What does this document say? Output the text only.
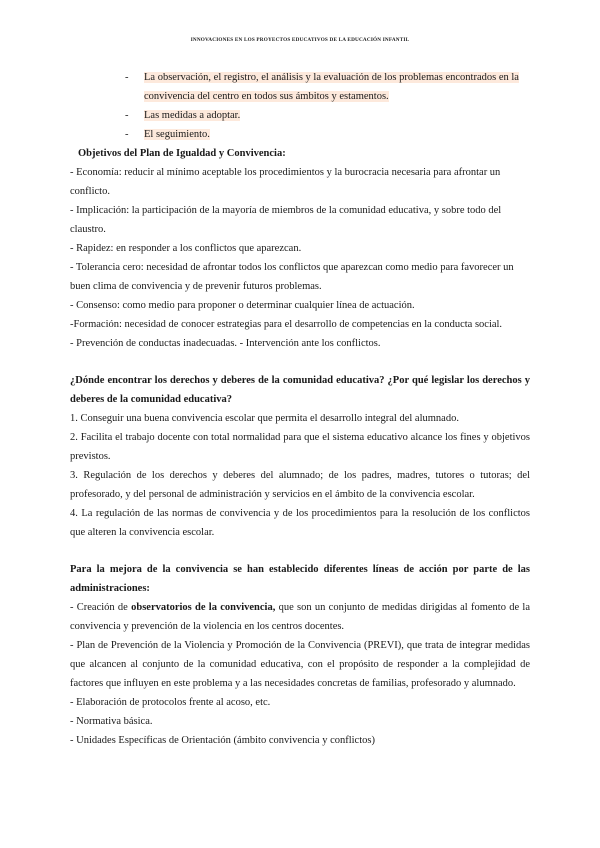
INNOVACIONES EN LOS PROYECTOS EDUCATIVOS DE LA EDUCACIÓN INFANTIL
- La observación, el registro, el análisis y la evaluación de los problemas encontrados en la convivencia del centro en todos sus ámbitos y estamentos.
- Las medidas a adoptar.
- El seguimiento.

Objetivos del Plan de Igualdad y Convivencia:

- Economía: reducir al mínimo aceptable los procedimientos y la burocracia necesaria para afrontar un conflicto.

- Implicación: la participación de la mayoría de miembros de la comunidad educativa, y sobre todo del claustro.

- Rapidez: en responder a los conflictos que aparezcan.

- Tolerancia cero: necesidad de afrontar todos los conflictos que aparezcan como medio para favorecer un buen clima de convivencia y de prevenir futuros problemas.

- Consenso: como medio para proponer o determinar cualquier línea de actuación.

-Formación: necesidad de conocer estrategias para el desarrollo de competencias en la conducta social.

- Prevención de conductas inadecuadas. - Intervención ante los conflictos.

¿Dónde encontrar los derechos y deberes de la comunidad educativa? ¿Por qué legislar los derechos y deberes de la comunidad educativa?

1. Conseguir una buena convivencia escolar que permita el desarrollo integral del alumnado.

2. Facilita el trabajo docente con total normalidad para que el sistema educativo alcance los fines y objetivos previstos.

3. Regulación de los derechos y deberes del alumnado; de los padres, madres, tutores o tutoras; del profesorado, y del personal de administración y servicios en el ámbito de la convivencia escolar.

4. La regulación de las normas de convivencia y de los procedimientos para la resolución de los conflictos que alteren la convivencia escolar.

Para la mejora de la convivencia se han establecido diferentes líneas de acción por parte de las administraciones:

- Creación de observatorios de la convivencia, que son un conjunto de medidas dirigidas al fomento de la convivencia y prevención de la violencia en los centros docentes.

- Plan de Prevención de la Violencia y Promoción de la Convivencia (PREVI), que trata de integrar medidas que alcancen al conjunto de la comunidad educativa, con el propósito de responder a la complejidad de factores que influyen en este problema y a las necesidades concretas de familias, profesorado y alumnado.

- Elaboración de protocolos frente al acoso, etc.

- Normativa básica.

- Unidades Específicas de Orientación (ámbito convivencia y conflictos)
